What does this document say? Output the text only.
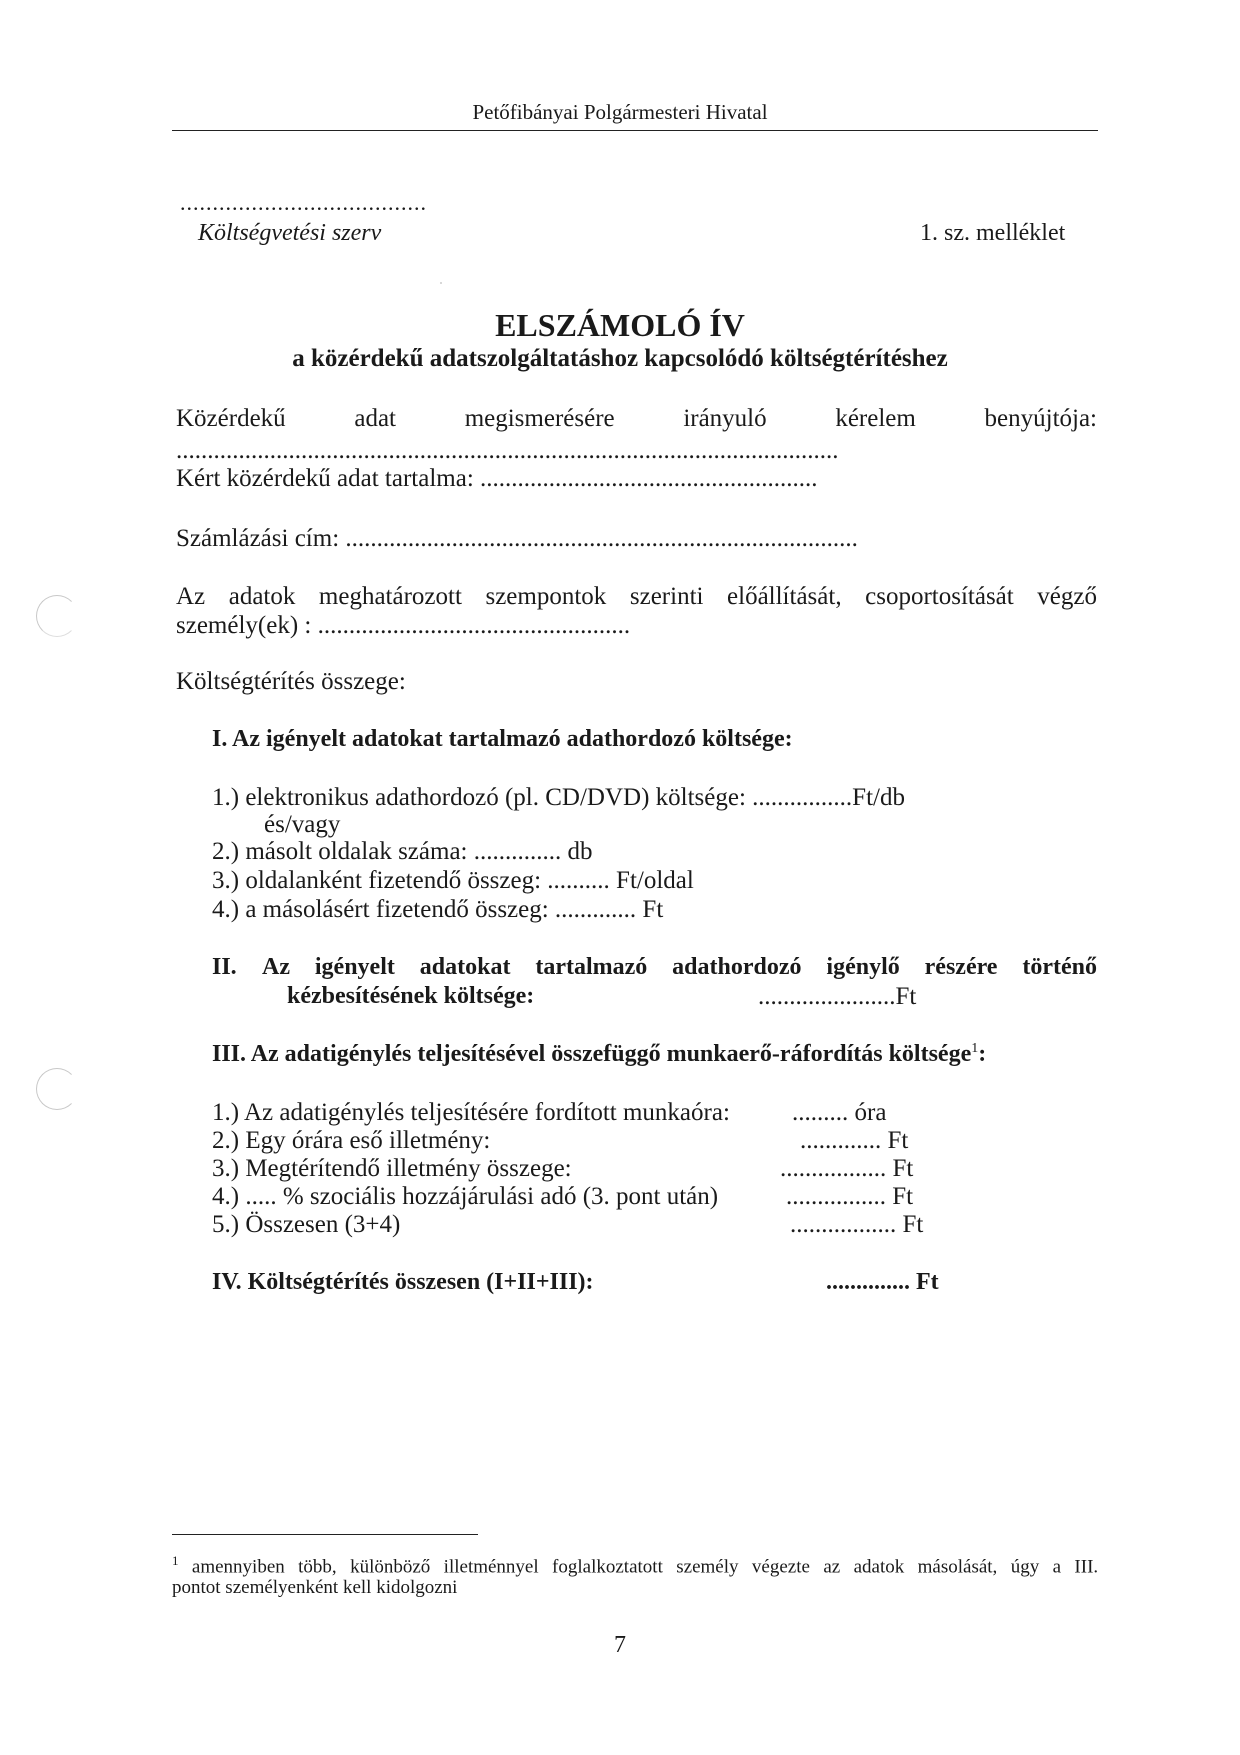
Petőfibányai Polgármesteri Hivatal
......................................
Költségvetési szerv	1. sz. melléklet
ELSZÁMOLÓ ÍV
a közérdekű adatszolgáltatáshoz kapcsolódó költségtérítéshez
Közérdekű	adat	megismerésére	irányuló	kérelem	benyújtója:
..........................................................................................................
Kért közérdekű adat tartalma: ......................................................
Számlázási cím: ..................................................................................
Az adatok meghatározott szempontok szerinti előállítását, csoportosítását végző
személy(ek) : ..................................................
Költségtérítés összege:
I. Az igényelt adatokat tartalmazó adathordozó költsége:
1.) elektronikus adathordozó (pl. CD/DVD) költsége: ................Ft/db
és/vagy
2.) másolt oldalak száma: .............. db
3.) oldalanként fizetendő összeg: .......... Ft/oldal
4.) a másolásért fizetendő összeg: ............. Ft
II. Az igényelt adatokat tartalmazó adathordozó igénylő részére történő
kézbesítésének költsége:	......................Ft
III. Az adatigénylés teljesítésével összefüggő munkaerő-ráfordítás költsége$^1$:
1.) Az adatigénylés teljesítésére fordított munkaóra: ......... óra
2.) Egy órára eső illetmény:	............. Ft
3.) Megtérítendő illetmény összege:	................. Ft
4.) ..... % szociális hozzájárulási adó (3. pont után)	................ Ft
5.) Összesen (3+4)	................. Ft
IV. Költségtérítés összesen (I+II+III):	.............. Ft
$^1$ amennyiben több, különböző illetménnyel foglalkoztatott személy végezte az adatok másolását, úgy a III.
pontot személyenként kell kidolgozni
7
